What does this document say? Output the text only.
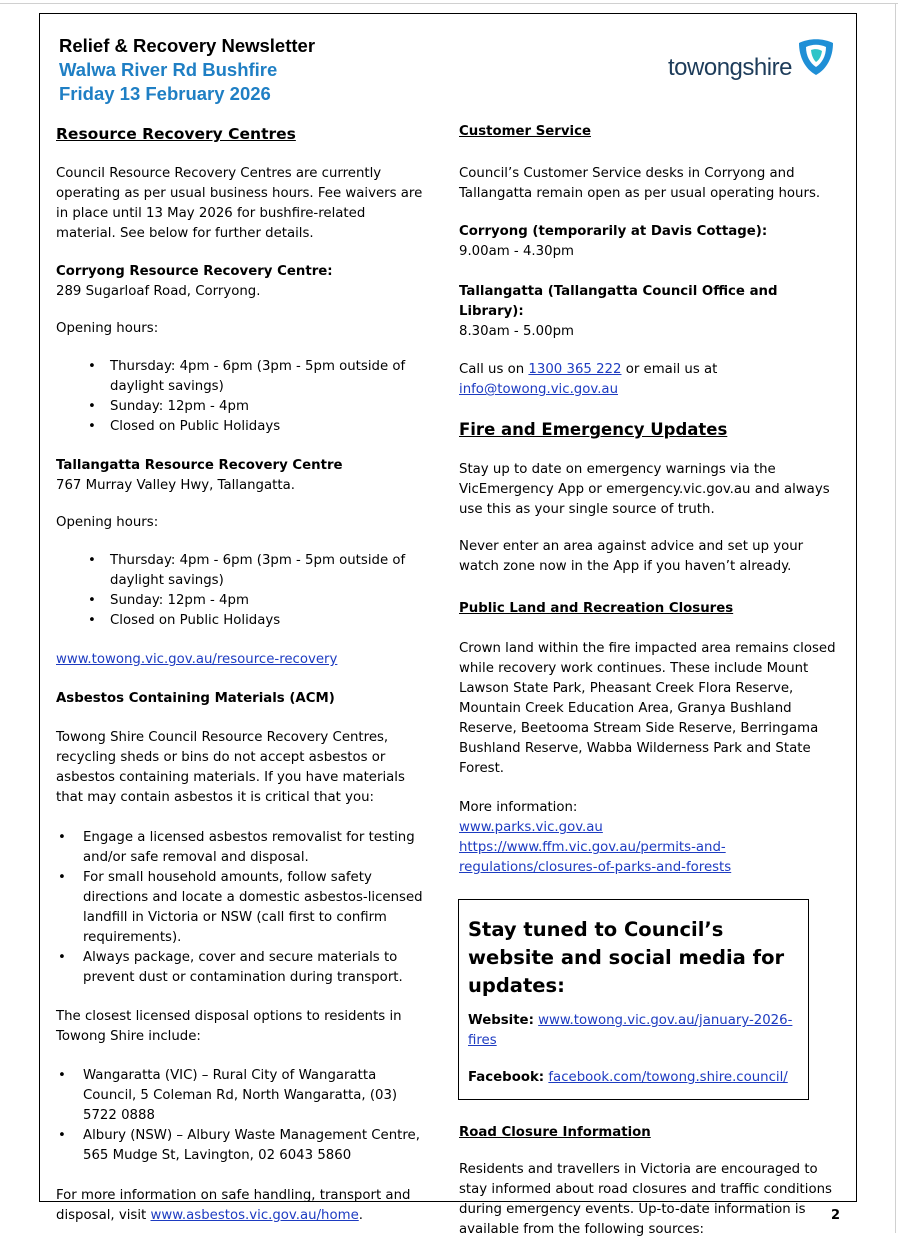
Relief & Recovery Newsletter
Walwa River Rd Bushfire
Friday 13 February 2026
towongshire
Resource Recovery Centres

Council Resource Recovery Centres are currently operating as per usual business hours. Fee waivers are in place until 13 May 2026 for bushfire-related material. See below for further details.

Corryong Resource Recovery Centre:

289 Sugarloaf Road, Corryong.

Opening hours:

• Thursday: 4pm - 6pm (3pm - 5pm outside of daylight savings)
• Sunday: 12pm - 4pm
• Closed on Public Holidays

Tallangatta Resource Recovery Centre

767 Murray Valley Hwy, Tallangatta.

Opening hours:

• Thursday: 4pm - 6pm (3pm - 5pm outside of daylight savings)
• Sunday: 12pm - 4pm
• Closed on Public Holidays

www.towong.vic.gov.au/resource-recovery

Asbestos Containing Materials (ACM)

Towong Shire Council Resource Recovery Centres, recycling sheds or bins do not accept asbestos or asbestos containing materials. If you have materials that may contain asbestos it is critical that you:

• Engage a licensed asbestos removalist for testing and/or safe removal and disposal.
• For small household amounts, follow safety directions and locate a domestic asbestos-licensed landfill in Victoria or NSW (call first to confirm requirements).
• Always package, cover and secure materials to prevent dust or contamination during transport.

The closest licensed disposal options to residents in Towong Shire include:

• Wangaratta (VIC) – Rural City of Wangaratta Council, 5 Coleman Rd, North Wangaratta, (03) 5722 0888
• Albury (NSW) – Albury Waste Management Centre, 565 Mudge St, Lavington, 02 6043 5860

For more information on safe handling, transport and disposal, visit www.asbestos.vic.gov.au/home.

Customer Service

Council’s Customer Service desks in Corryong and Tallangatta remain open as per usual operating hours.

Corryong (temporarily at Davis Cottage):

9.00am - 4.30pm

Tallangatta (Tallangatta Council Office and Library):

8.30am - 5.00pm

Call us on 1300 365 222 or email us at

info@towong.vic.gov.au

Fire and Emergency Updates

Stay up to date on emergency warnings via the VicEmergency App or emergency.vic.gov.au and always use this as your single source of truth.

Never enter an area against advice and set up your watch zone now in the App if you haven’t already.

Public Land and Recreation Closures

Crown land within the fire impacted area remains closed while recovery work continues. These include Mount Lawson State Park, Pheasant Creek Flora Reserve, Mountain Creek Education Area, Granya Bushland Reserve, Beetooma Stream Side Reserve, Berringama Bushland Reserve, Wabba Wilderness Park and State Forest.

More information:

www.parks.vic.gov.au

https://www.ffm.vic.gov.au/permits-and-regulations/closures-of-parks-and-forests

Stay tuned to Council’s website and social media for updates:

Website: www.towong.vic.gov.au/january-2026-fires

Facebook: facebook.com/towong.shire.council/

Road Closure Information

Residents and travellers in Victoria are encouraged to stay informed about road closures and traffic conditions during emergency events. Up-to-date information is available from the following sources:

2
